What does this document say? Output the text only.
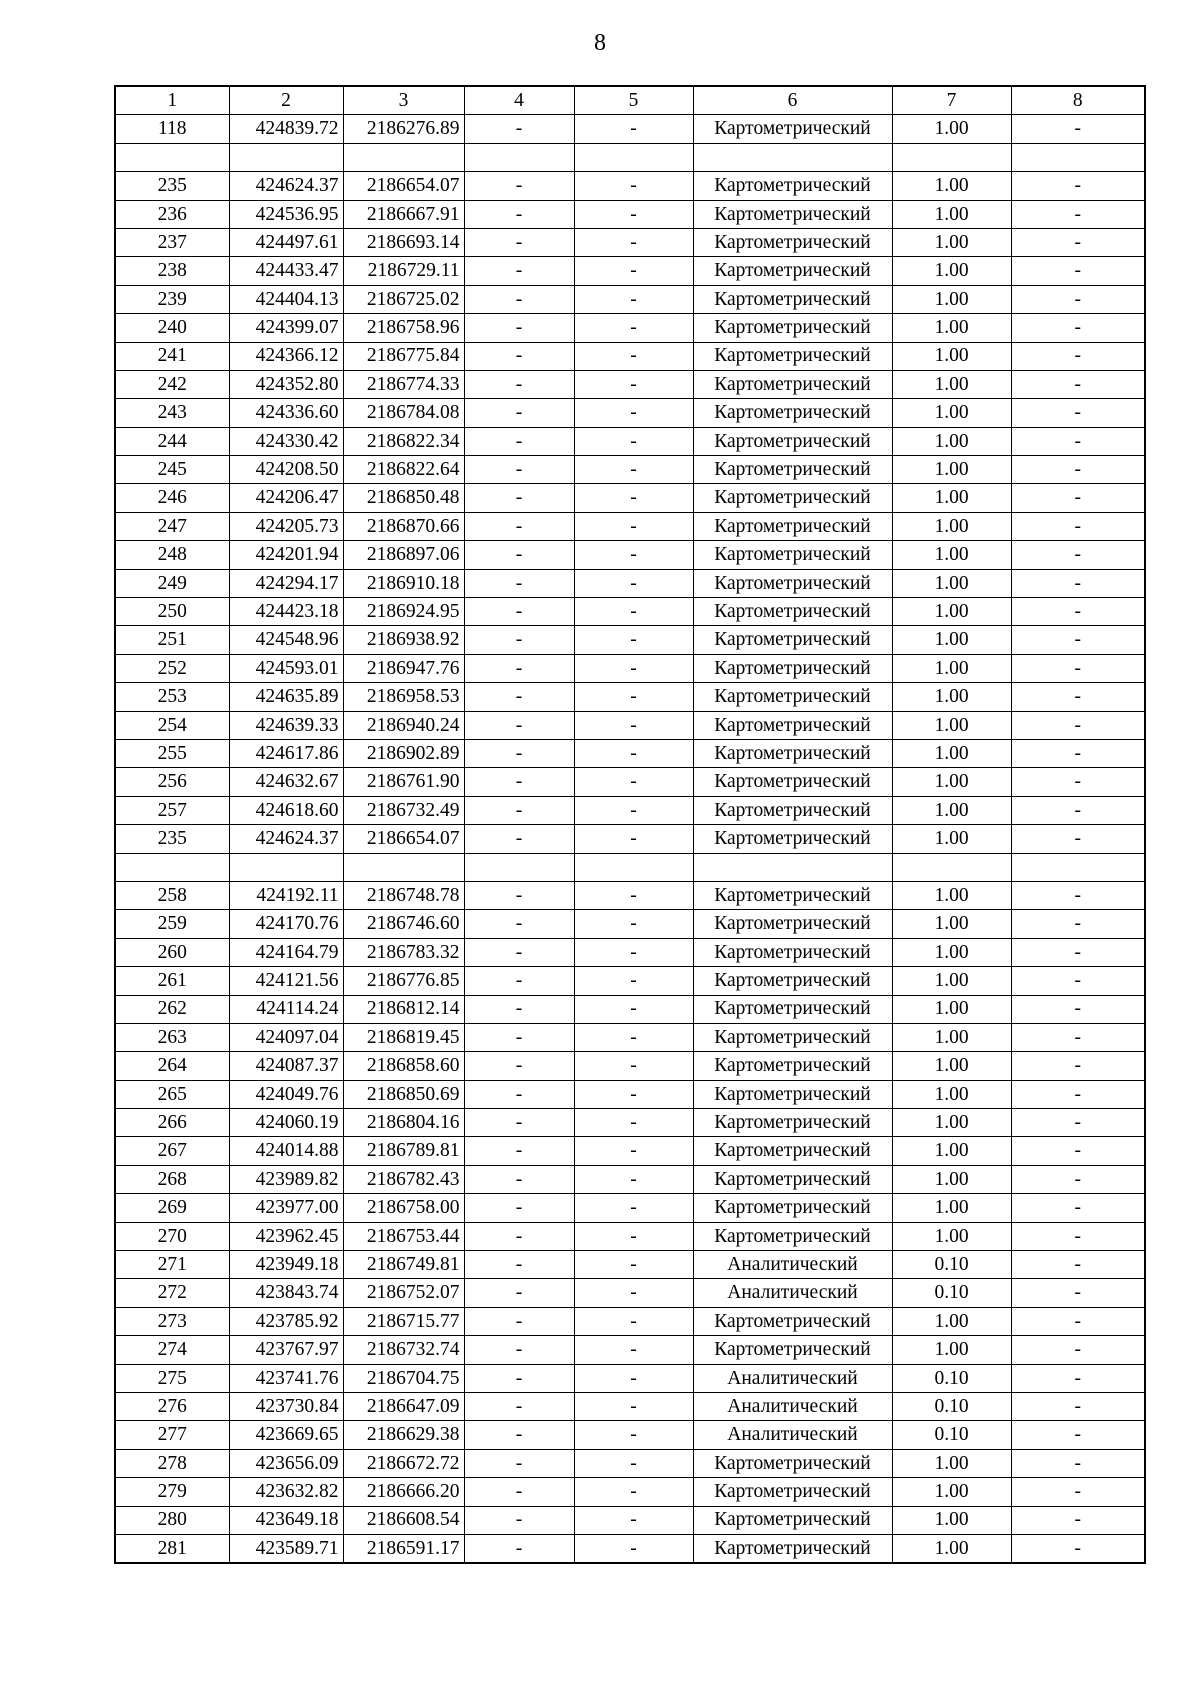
8
1	2	3	4	5	6	7	8
118	424839.72	2186276.89	-	-	Картометрический	1.00	-

235	424624.37	2186654.07	-	-	Картометрический	1.00	-
236	424536.95	2186667.91	-	-	Картометрический	1.00	-
237	424497.61	2186693.14	-	-	Картометрический	1.00	-
238	424433.47	2186729.11	-	-	Картометрический	1.00	-
239	424404.13	2186725.02	-	-	Картометрический	1.00	-
240	424399.07	2186758.96	-	-	Картометрический	1.00	-
241	424366.12	2186775.84	-	-	Картометрический	1.00	-
242	424352.80	2186774.33	-	-	Картометрический	1.00	-
243	424336.60	2186784.08	-	-	Картометрический	1.00	-
244	424330.42	2186822.34	-	-	Картометрический	1.00	-
245	424208.50	2186822.64	-	-	Картометрический	1.00	-
246	424206.47	2186850.48	-	-	Картометрический	1.00	-
247	424205.73	2186870.66	-	-	Картометрический	1.00	-
248	424201.94	2186897.06	-	-	Картометрический	1.00	-
249	424294.17	2186910.18	-	-	Картометрический	1.00	-
250	424423.18	2186924.95	-	-	Картометрический	1.00	-
251	424548.96	2186938.92	-	-	Картометрический	1.00	-
252	424593.01	2186947.76	-	-	Картометрический	1.00	-
253	424635.89	2186958.53	-	-	Картометрический	1.00	-
254	424639.33	2186940.24	-	-	Картометрический	1.00	-
255	424617.86	2186902.89	-	-	Картометрический	1.00	-
256	424632.67	2186761.90	-	-	Картометрический	1.00	-
257	424618.60	2186732.49	-	-	Картометрический	1.00	-
235	424624.37	2186654.07	-	-	Картометрический	1.00	-

258	424192.11	2186748.78	-	-	Картометрический	1.00	-
259	424170.76	2186746.60	-	-	Картометрический	1.00	-
260	424164.79	2186783.32	-	-	Картометрический	1.00	-
261	424121.56	2186776.85	-	-	Картометрический	1.00	-
262	424114.24	2186812.14	-	-	Картометрический	1.00	-
263	424097.04	2186819.45	-	-	Картометрический	1.00	-
264	424087.37	2186858.60	-	-	Картометрический	1.00	-
265	424049.76	2186850.69	-	-	Картометрический	1.00	-
266	424060.19	2186804.16	-	-	Картометрический	1.00	-
267	424014.88	2186789.81	-	-	Картометрический	1.00	-
268	423989.82	2186782.43	-	-	Картометрический	1.00	-
269	423977.00	2186758.00	-	-	Картометрический	1.00	-
270	423962.45	2186753.44	-	-	Картометрический	1.00	-
271	423949.18	2186749.81	-	-	Аналитический	0.10	-
272	423843.74	2186752.07	-	-	Аналитический	0.10	-
273	423785.92	2186715.77	-	-	Картометрический	1.00	-
274	423767.97	2186732.74	-	-	Картометрический	1.00	-
275	423741.76	2186704.75	-	-	Аналитический	0.10	-
276	423730.84	2186647.09	-	-	Аналитический	0.10	-
277	423669.65	2186629.38	-	-	Аналитический	0.10	-
278	423656.09	2186672.72	-	-	Картометрический	1.00	-
279	423632.82	2186666.20	-	-	Картометрический	1.00	-
280	423649.18	2186608.54	-	-	Картометрический	1.00	-
281	423589.71	2186591.17	-	-	Картометрический	1.00	-
